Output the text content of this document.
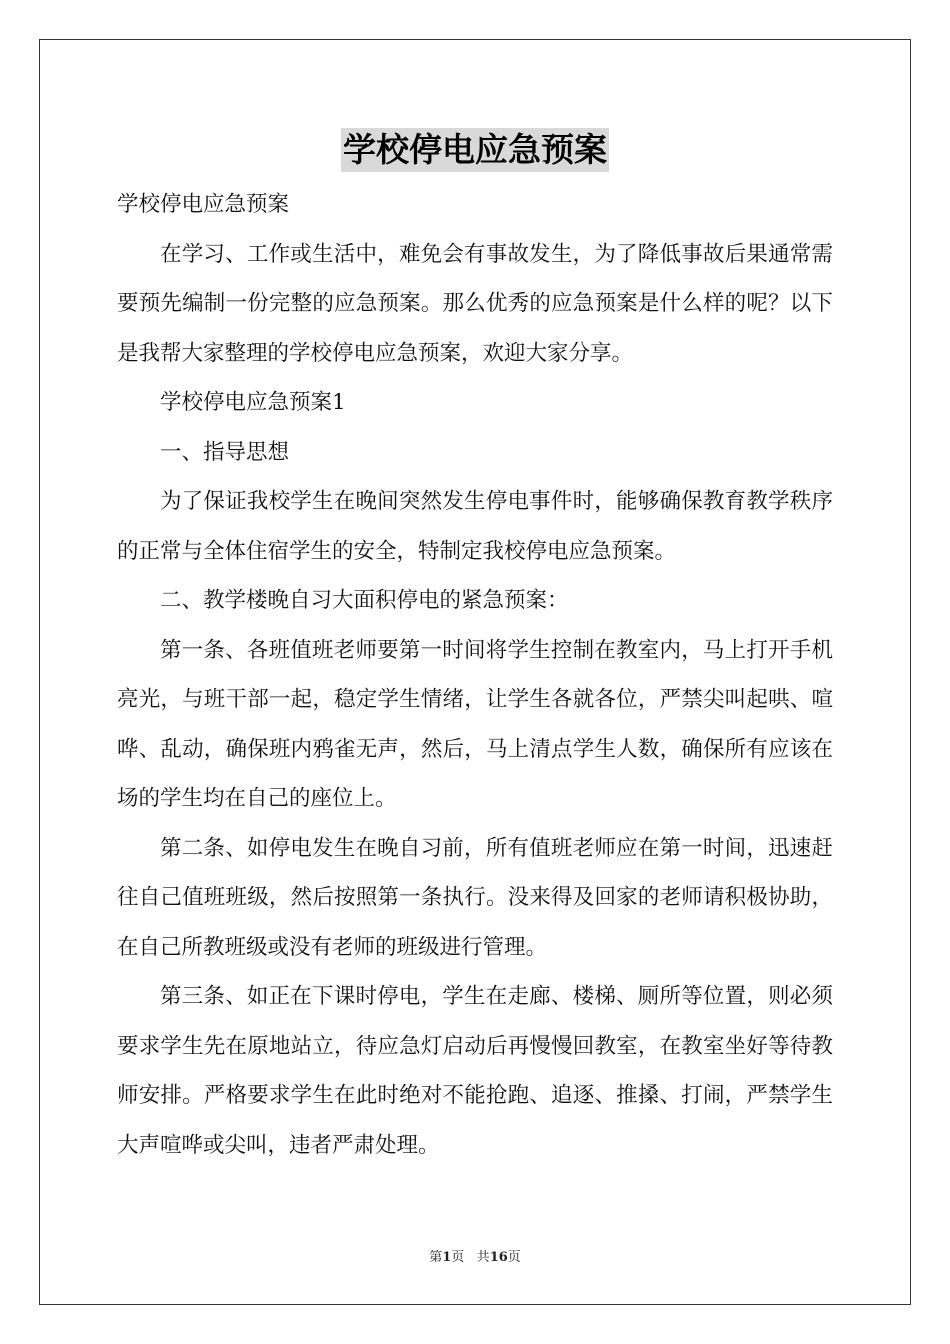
学校停电应急预案

学校停电应急预案

在学习、工作或生活中，难免会有事故发生，为了降低事故后果通常需要预先编制一份完整的应急预案。那么优秀的应急预案是什么样的呢？以下是我帮大家整理的学校停电应急预案，欢迎大家分享。

学校停电应急预案1

一、指导思想

为了保证我校学生在晚间突然发生停电事件时，能够确保教育教学秩序的正常与全体住宿学生的安全，特制定我校停电应急预案。

二、教学楼晚自习大面积停电的紧急预案：

第一条、各班值班老师要第一时间将学生控制在教室内，马上打开手机亮光，与班干部一起，稳定学生情绪，让学生各就各位，严禁尖叫起哄、喧哗、乱动，确保班内鸦雀无声，然后，马上清点学生人数，确保所有应该在场的学生均在自己的座位上。

第二条、如停电发生在晚自习前，所有值班老师应在第一时间，迅速赶往自己值班班级，然后按照第一条执行。没来得及回家的老师请积极协助，在自己所教班级或没有老师的班级进行管理。

第三条、如正在下课时停电，学生在走廊、楼梯、厕所等位置，则必须要求学生先在原地站立，待应急灯启动后再慢慢回教室，在教室坐好等待教师安排。严格要求学生在此时绝对不能抢跑、追逐、推搡、打闹，严禁学生大声喧哗或尖叫，违者严肃处理。

第1页 共16页
